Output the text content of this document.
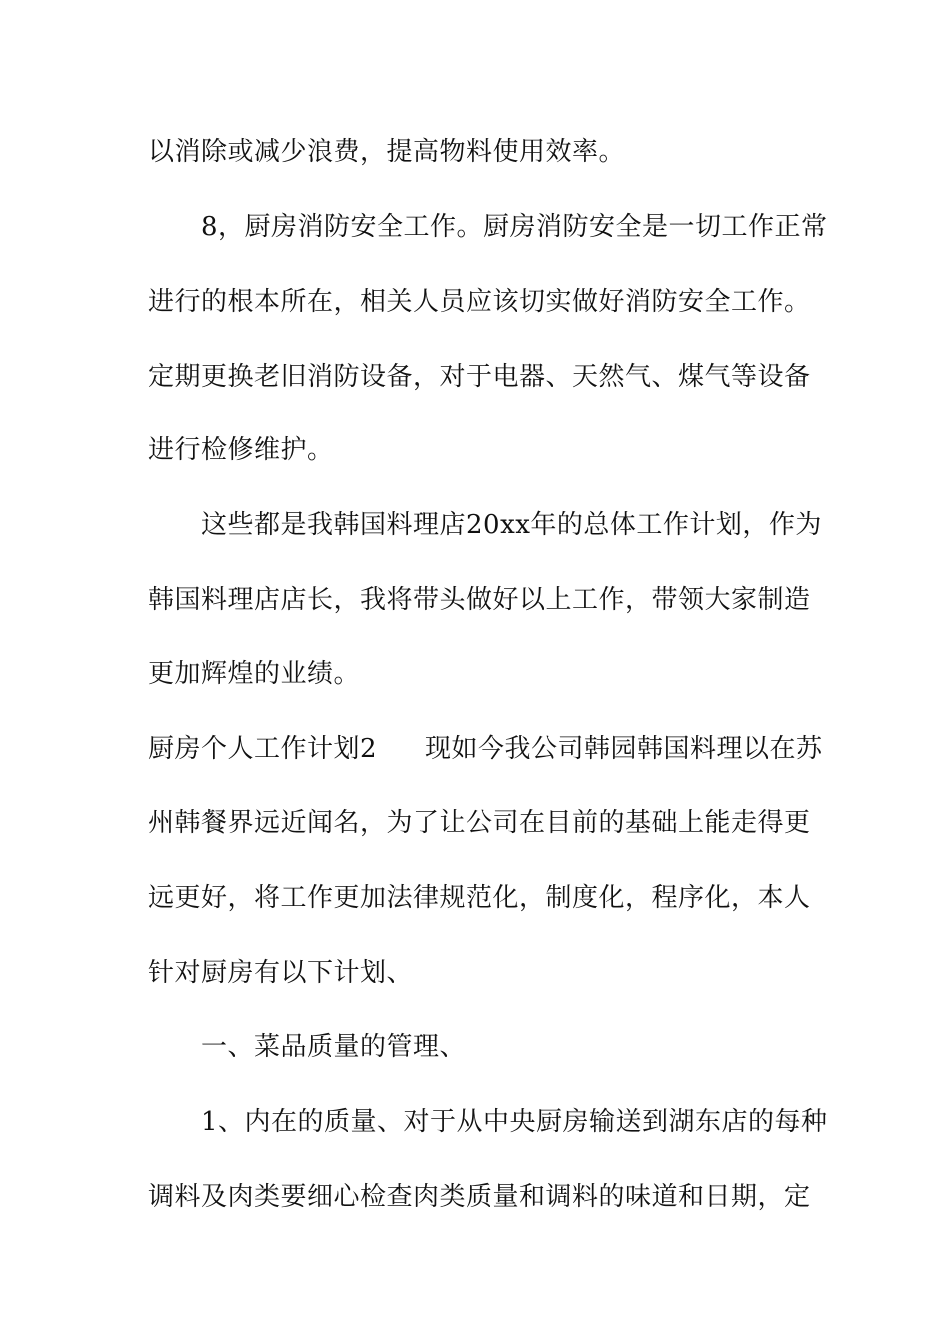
以消除或减少浪费，提高物料使用效率。
8，厨房消防安全工作。厨房消防安全是一切工作正常
进行的根本所在，相关人员应该切实做好消防安全工作。
定期更换老旧消防设备，对于电器、天然气、煤气等设备
进行检修维护。
这些都是我韩国料理店20xx年的总体工作计划，作为
韩国料理店店长，我将带头做好以上工作，带领大家制造
更加辉煌的业绩。
厨房个人工作计划2 现如今我公司韩园韩国料理以在苏
州韩餐界远近闻名，为了让公司在目前的基础上能走得更
远更好，将工作更加法律规范化，制度化，程序化，本人
针对厨房有以下计划、
一、菜品质量的管理、
1、内在的质量、对于从中央厨房输送到湖东店的每种
调料及肉类要细心检查肉类质量和调料的味道和日期，定
